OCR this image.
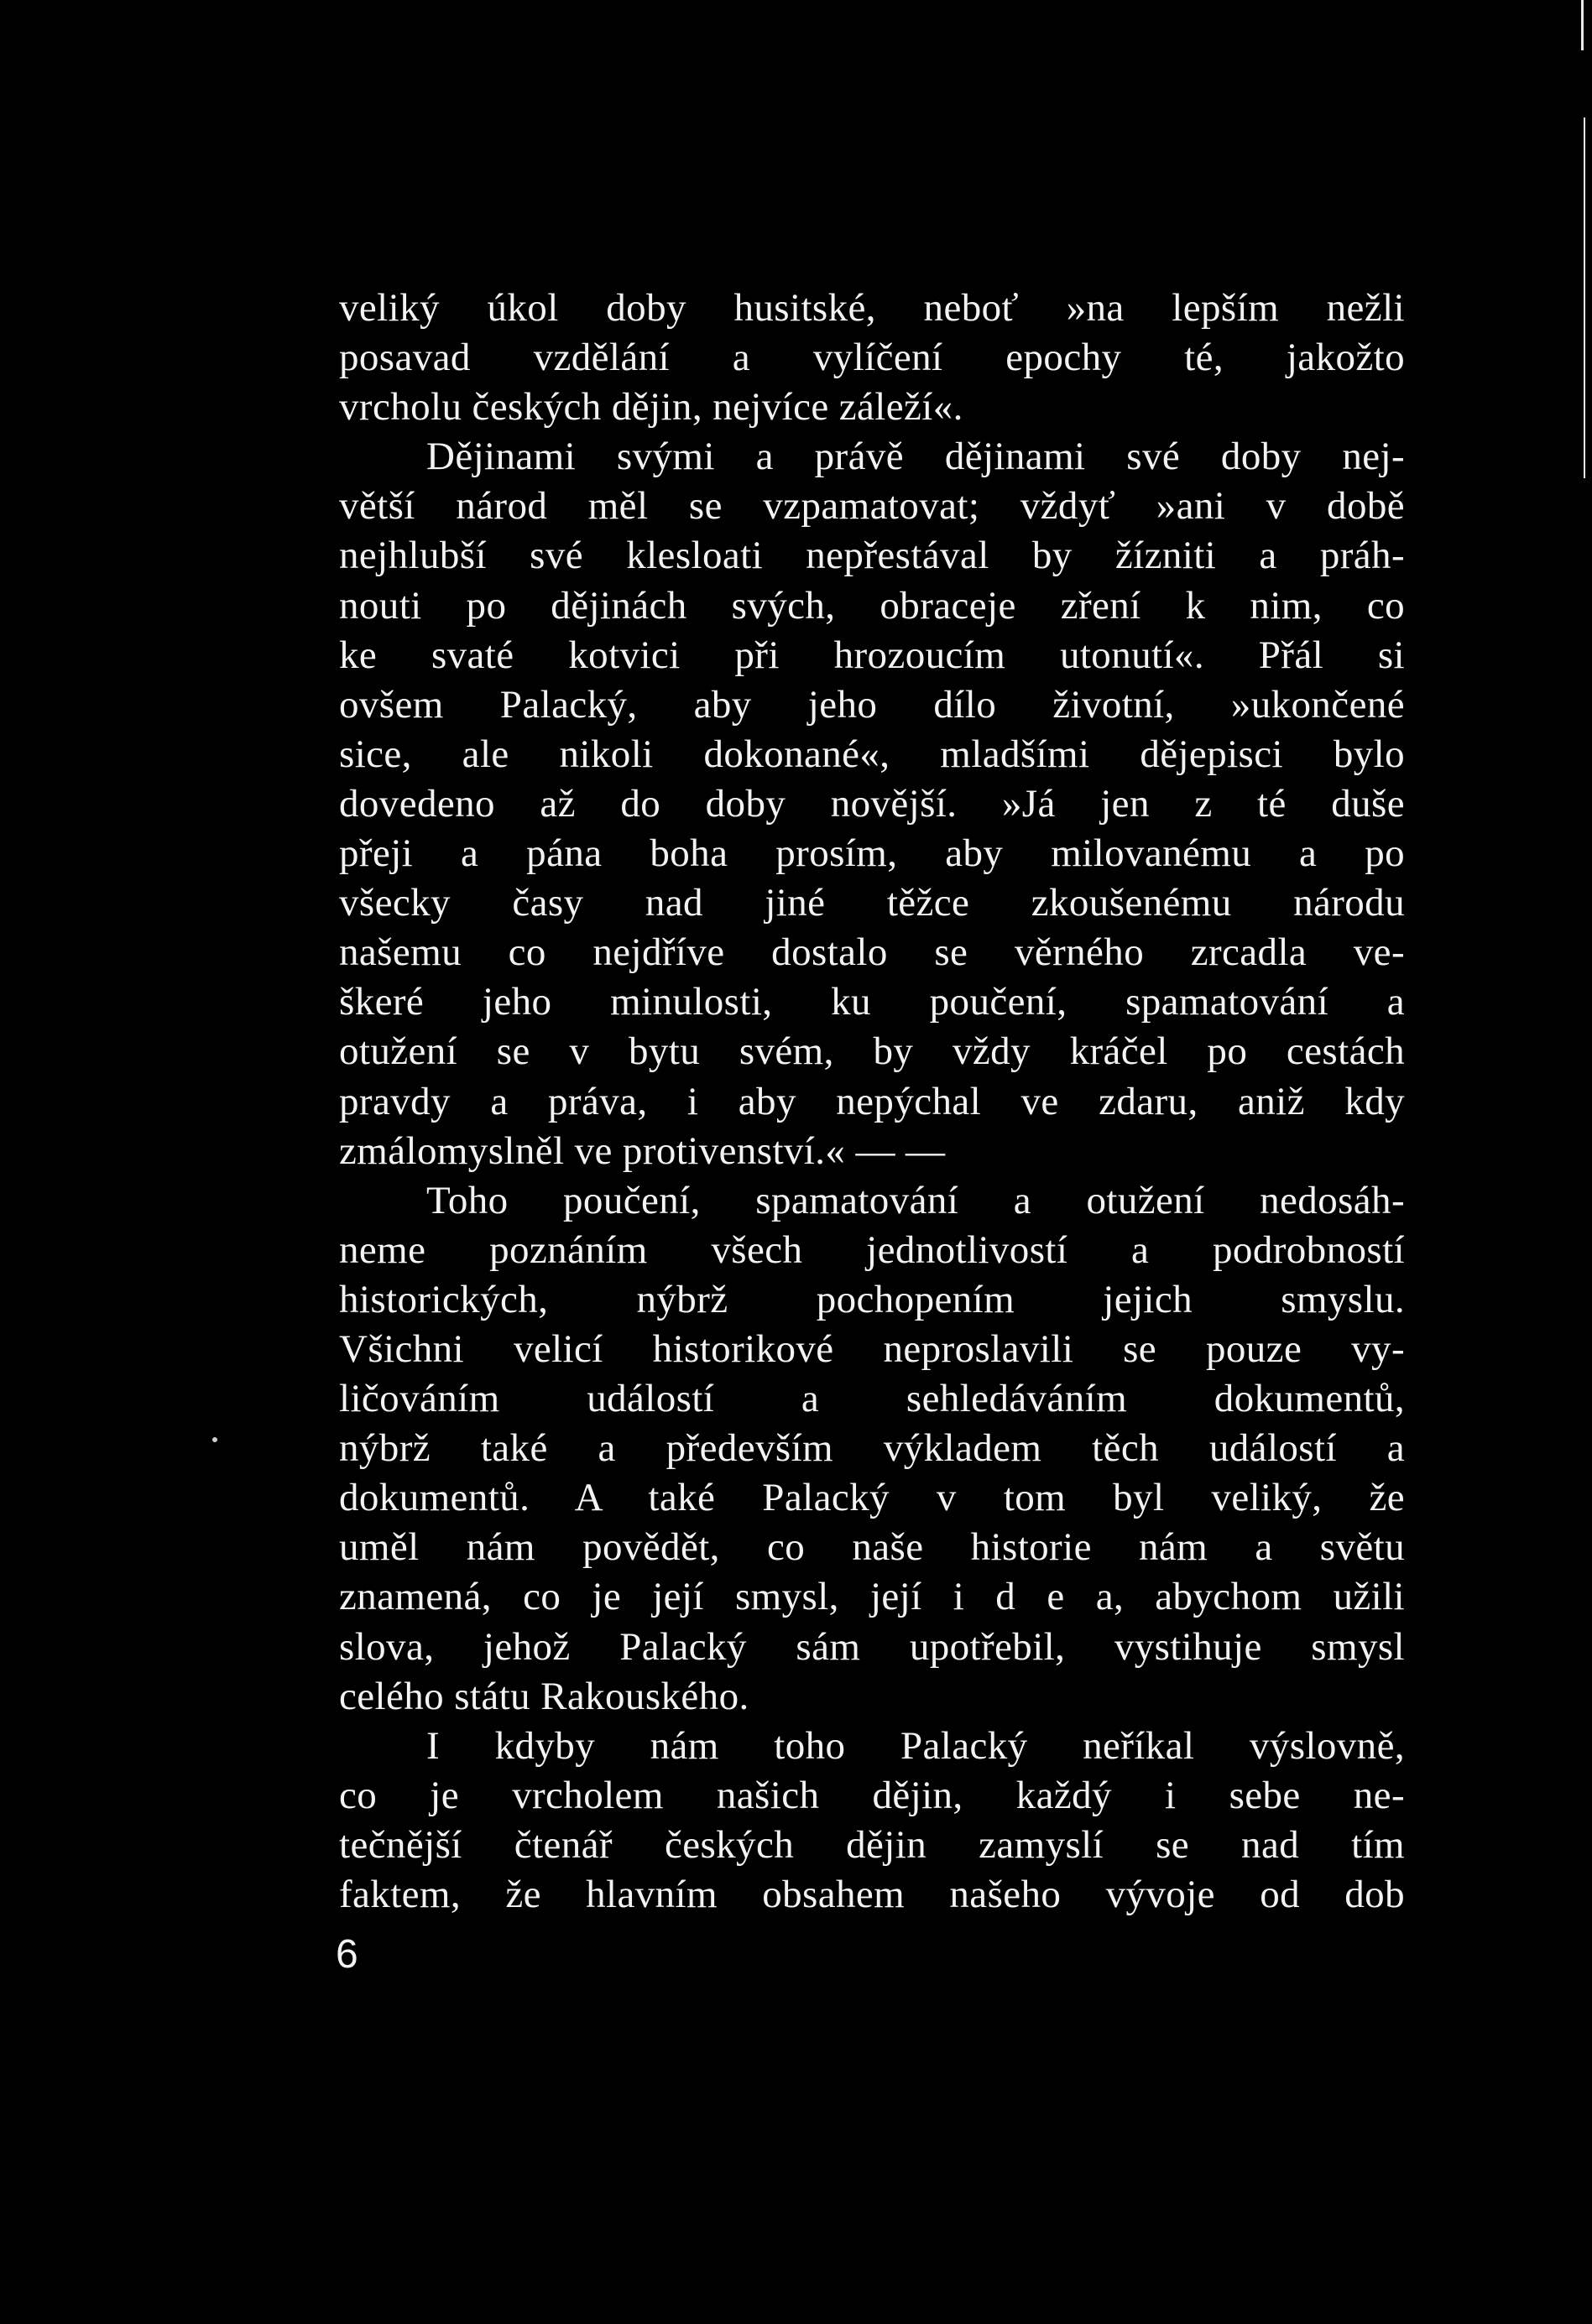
veliký úkol doby husitské, neboť »na lepším nežli
posavad vzdělání a vylíčení epochy té, jakožto
vrcholu českých dějin, nejvíce záleží«.
Dějinami svými a právě dějinami své doby nej-
větší národ měl se vzpamatovat; vždyť »ani v době
nejhlubší své klesloati nepřestával by žízniti a práh-
nouti po dějinách svých, obraceje zření k nim, co
ke svaté kotvici při hrozoucím utonutí«. Přál si
ovšem Palacký, aby jeho dílo životní, »ukončené
sice, ale nikoli dokonané«, mladšími dějepisci bylo
dovedeno až do doby novější. »Já jen z té duše
přeji a pána boha prosím, aby milovanému a po
všecky časy nad jiné těžce zkoušenému národu
našemu co nejdříve dostalo se věrného zrcadla ve-
škeré jeho minulosti, ku poučení, spamatování a
otužení se v bytu svém, by vždy kráčel po cestách
pravdy a práva, i aby nepýchal ve zdaru, aniž kdy
zmálomyslněl ve protivenství.« — —
Toho poučení, spamatování a otužení nedosáh-
neme poznáním všech jednotlivostí a podrobností
historických, nýbrž pochopením jejich smyslu.
Všichni velicí historikové neproslavili se pouze vy-
ličováním událostí a sehledáváním dokumentů,
nýbrž také a především výkladem těch událostí a
dokumentů. A také Palacký v tom byl veliký, že
uměl nám povědět, co naše historie nám a světu
znamená, co je její smysl, její i d e a, abychom užili
slova, jehož Palacký sám upotřebil, vystihuje smysl
celého státu Rakouského.
I kdyby nám toho Palacký neříkal výslovně,
co je vrcholem našich dějin, každý i sebe ne-
tečnější čtenář českých dějin zamyslí se nad tím
faktem, že hlavním obsahem našeho vývoje od dob
6
